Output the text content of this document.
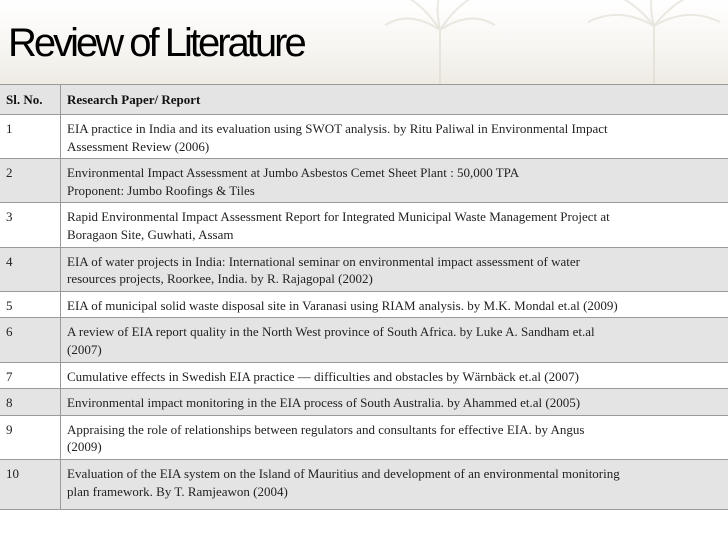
Review of Literature
Sl. No.	Research Paper/ Report
1	EIA practice in India and its evaluation using SWOT analysis. by Ritu Paliwal in Environmental Impact
Assessment Review (2006)
2	Environmental Impact Assessment at Jumbo Asbestos Cemet Sheet Plant : 50,000 TPA
Proponent: Jumbo Roofings & Tiles
3	Rapid Environmental Impact Assessment Report for Integrated Municipal Waste Management Project at
Boragaon Site, Guwhati, Assam
4	EIA of water projects in India: International seminar on environmental impact assessment of water
resources projects, Roorkee, India. by R. Rajagopal (2002)
5	EIA of municipal solid waste disposal site in Varanasi using RIAM analysis. by M.K. Mondal et.al (2009)
6	A review of EIA report quality in the North West province of South Africa. by Luke A. Sandham et.al
(2007)
7	Cumulative effects in Swedish EIA practice — difficulties and obstacles by Wärnbäck et.al (2007)
8	Environmental impact monitoring in the EIA process of South Australia. by Ahammed et.al (2005)
9	Appraising the role of relationships between regulators and consultants for effective EIA. by Angus
(2009)
10	Evaluation of the EIA system on the Island of Mauritius and development of an environmental monitoring
plan framework. By T. Ramjeawon (2004)
